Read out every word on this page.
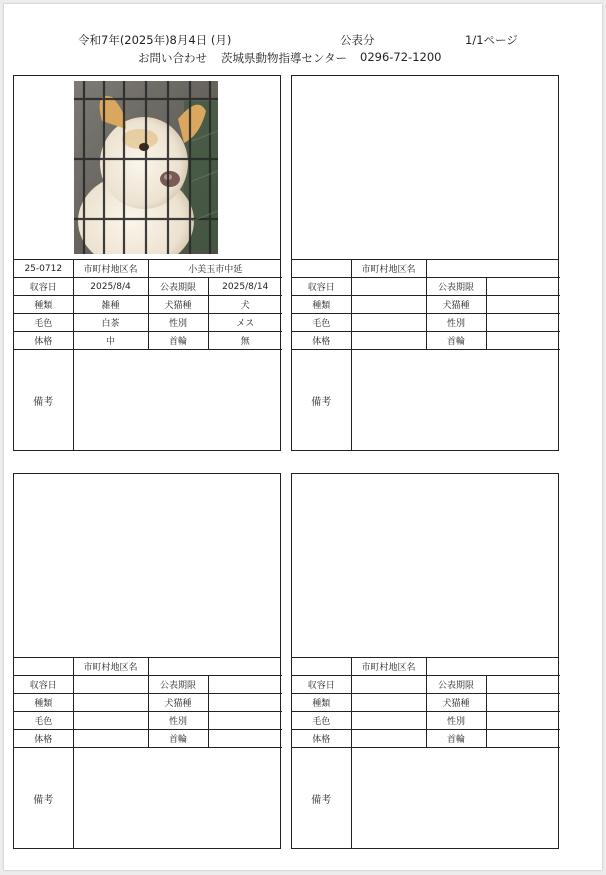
令和7年(2025年)8月4日 (月)	公表分	1/1ページ
お問い合わせ 茨城県動物指導センター 0296-72-1200
25-0712	市町村地区名	小美玉市中延	
収容日	2025/8/4	公表期限	2025/8/14
種類	雑種	犬猫種	犬
毛色	白茶	性別	メス
体格	中	首輪	無
備考			
	市町村地区名		
収容日		公表期限	
種類		犬猫種	
毛色		性別	
体格		首輪	
備考			
	市町村地区名		
収容日		公表期限	
種類		犬猫種	
毛色		性別	
体格		首輪	
備考			
	市町村地区名		
収容日		公表期限	
種類		犬猫種	
毛色		性別	
体格		首輪	
備考			
